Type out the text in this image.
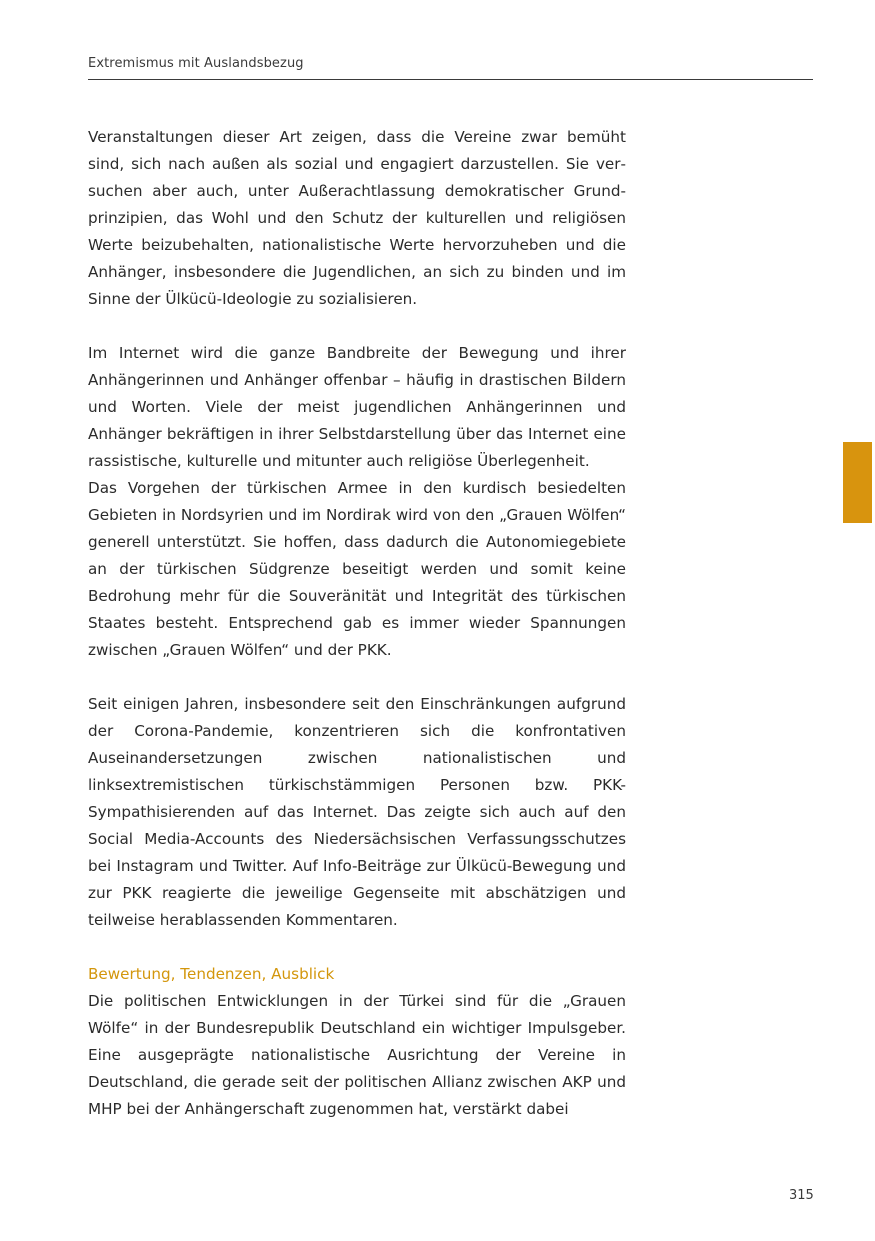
Extremismus mit Auslandsbezug

Veranstaltungen dieser Art zeigen, dass die Vereine zwar bemüht sind, sich nach außen als sozial und engagiert darzustellen. Sie versuchen aber auch, unter Außerachtlassung demokratischer Grundprinzipien, das Wohl und den Schutz der kulturellen und religiösen Werte beizubehalten, nationalistische Werte hervorzuheben und die Anhänger, insbesondere die Jugendlichen, an sich zu binden und im Sinne der Ülkücü-Ideologie zu sozialisieren.

Im Internet wird die ganze Bandbreite der Bewegung und ihrer Anhängerinnen und Anhänger offenbar – häufig in drastischen Bildern und Worten. Viele der meist jugendlichen Anhängerinnen und Anhänger bekräftigen in ihrer Selbstdarstellung über das Internet eine rassistische, kulturelle und mitunter auch religiöse Überlegenheit.

Das Vorgehen der türkischen Armee in den kurdisch besiedelten Gebieten in Nordsyrien und im Nordirak wird von den „Grauen Wölfen“ generell unterstützt. Sie hoffen, dass dadurch die Autonomiegebiete an der türkischen Südgrenze beseitigt werden und somit keine Bedrohung mehr für die Souveränität und Integrität des türkischen Staates besteht. Entsprechend gab es immer wieder Spannungen zwischen „Grauen Wölfen“ und der PKK.

Seit einigen Jahren, insbesondere seit den Einschränkungen aufgrund der Corona-Pandemie, konzentrieren sich die konfrontativen Auseinandersetzungen zwischen nationalistischen und linksextremistischen türkischstämmigen Personen bzw. PKK-Sympathisierenden auf das Internet. Das zeigte sich auch auf den Social Media-Accounts des Niedersächsischen Verfassungsschutzes bei Instagram und Twitter. Auf Info-Beiträge zur Ülkücü-Bewegung und zur PKK reagierte die jeweilige Gegenseite mit abschätzigen und teilweise herablassenden Kommentaren.

Bewertung, Tendenzen, Ausblick

Die politischen Entwicklungen in der Türkei sind für die „Grauen Wölfe“ in der Bundesrepublik Deutschland ein wichtiger Impulsgeber. Eine ausgeprägte nationalistische Ausrichtung der Vereine in Deutschland, die gerade seit der politischen Allianz zwischen AKP und MHP bei der Anhängerschaft zugenommen hat, verstärkt dabei

315
